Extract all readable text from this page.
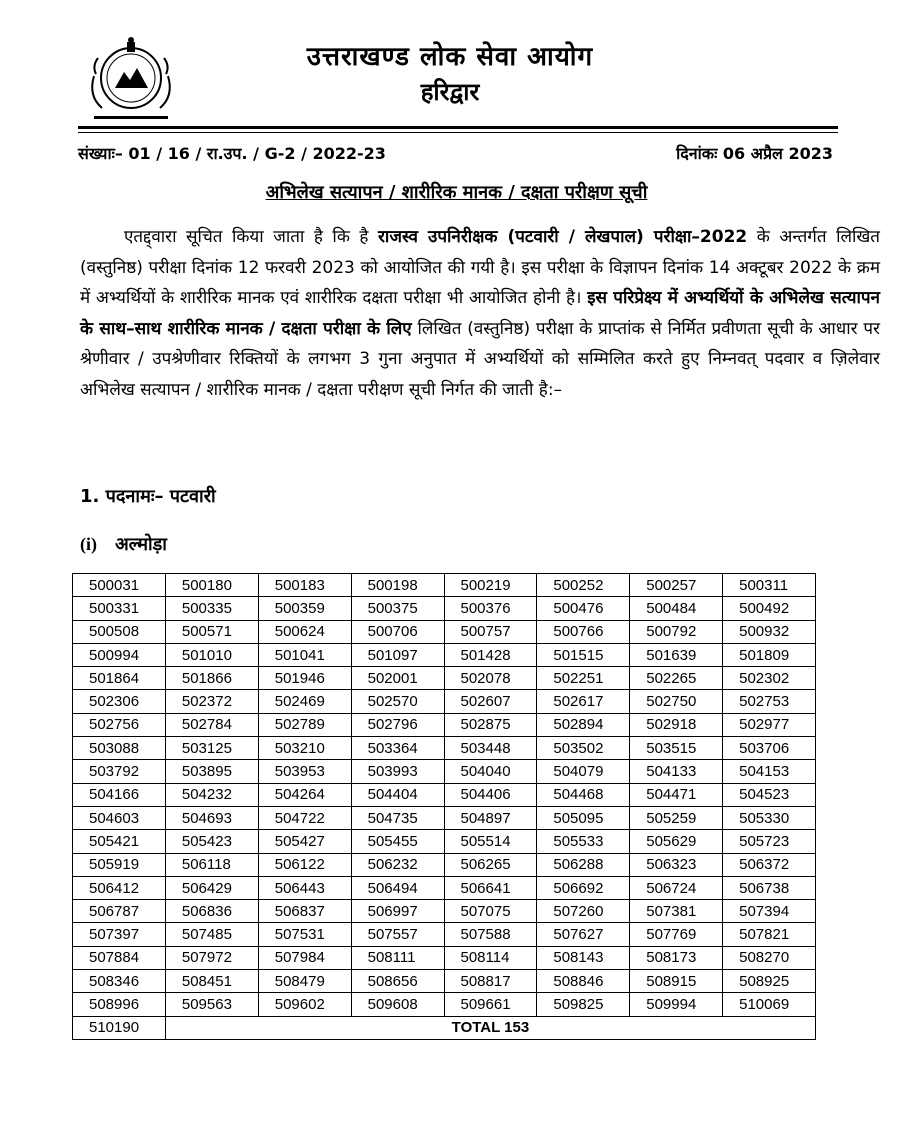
उत्तराखण्ड लोक सेवा आयोग
हरिद्वार
संख्याः– 01 / 16 / रा.उप. / G-2 / 2022-23	दिनांकः 06 अप्रैल 2023
अभिलेख सत्यापन / शारीरिक मानक / दक्षता परीक्षण सूची
एतद्द्वारा सूचित किया जाता है कि है राजस्व उपनिरीक्षक (पटवारी / लेखपाल) परीक्षा–2022 के अन्तर्गत लिखित (वस्तुनिष्ठ) परीक्षा दिनांक 12 फरवरी 2023 को आयोजित की गयी है। इस परीक्षा के विज्ञापन दिनांक 14 अक्टूबर 2022 के क्रम में अभ्यर्थियों के शारीरिक मानक एवं शारीरिक दक्षता परीक्षा भी आयोजित होनी है। इस परिप्रेक्ष्य में अभ्यर्थियों के अभिलेख सत्यापन के साथ–साथ शारीरिक मानक / दक्षता परीक्षा के लिए लिखित (वस्तुनिष्ठ) परीक्षा के प्राप्तांक से निर्मित प्रवीणता सूची के आधार पर श्रेणीवार / उपश्रेणीवार रिक्तियों के लगभग 3 गुना अनुपात में अभ्यर्थियों को सम्मिलित करते हुए निम्नवत् पदवार व ज़िलेवार अभिलेख सत्यापन / शारीरिक मानक / दक्षता परीक्षण सूची निर्गत की जाती है:–
1. पदनामः– पटवारी
(i) अल्मोड़ा
500031	500180	500183	500198	500219	500252	500257	500311
500331	500335	500359	500375	500376	500476	500484	500492
500508	500571	500624	500706	500757	500766	500792	500932
500994	501010	501041	501097	501428	501515	501639	501809
501864	501866	501946	502001	502078	502251	502265	502302
502306	502372	502469	502570	502607	502617	502750	502753
502756	502784	502789	502796	502875	502894	502918	502977
503088	503125	503210	503364	503448	503502	503515	503706
503792	503895	503953	503993	504040	504079	504133	504153
504166	504232	504264	504404	504406	504468	504471	504523
504603	504693	504722	504735	504897	505095	505259	505330
505421	505423	505427	505455	505514	505533	505629	505723
505919	506118	506122	506232	506265	506288	506323	506372
506412	506429	506443	506494	506641	506692	506724	506738
506787	506836	506837	506997	507075	507260	507381	507394
507397	507485	507531	507557	507588	507627	507769	507821
507884	507972	507984	508111	508114	508143	508173	508270
508346	508451	508479	508656	508817	508846	508915	508925
508996	509563	509602	509608	509661	509825	509994	510069
510190	TOTAL 153						
